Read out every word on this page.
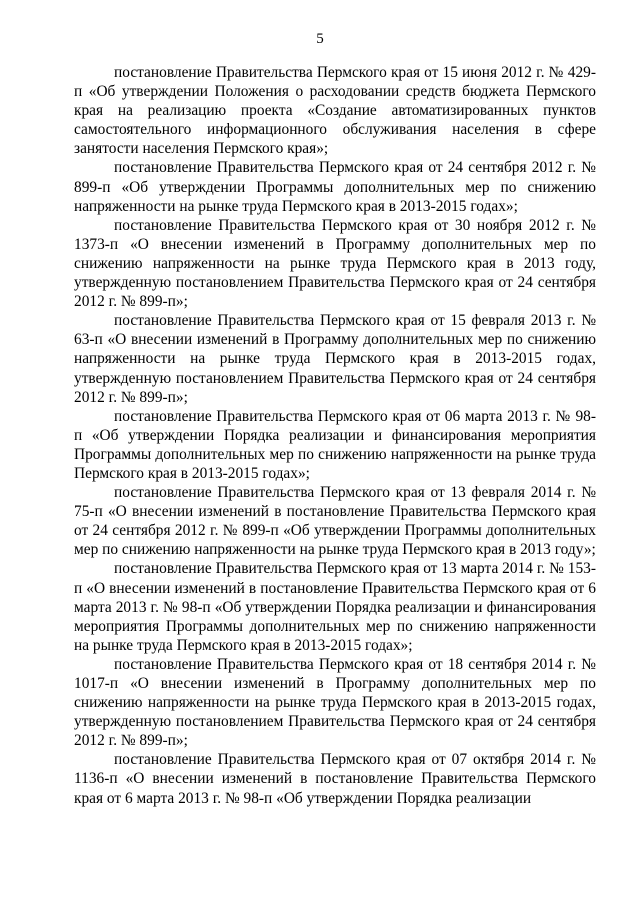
5

постановление Правительства Пермского края от 15 июня 2012 г. № 429-п «Об утверждении Положения о расходовании средств бюджета Пермского края на реализацию проекта «Создание автоматизированных пунктов самостоятельного информационного обслуживания населения в сфере занятости населения Пермского края»;

постановление Правительства Пермского края от 24 сентября 2012 г. № 899-п «Об утверждении Программы дополнительных мер по снижению напряженности на рынке труда Пермского края в 2013-2015 годах»;

постановление Правительства Пермского края от 30 ноября 2012 г. № 1373-п «О внесении изменений в Программу дополнительных мер по снижению напряженности на рынке труда Пермского края в 2013 году, утвержденную постановлением Правительства Пермского края от 24 сентября 2012 г. № 899-п»;

постановление Правительства Пермского края от 15 февраля 2013 г. № 63-п «О внесении изменений в Программу дополнительных мер по снижению напряженности на рынке труда Пермского края в 2013-2015 годах, утвержденную постановлением Правительства Пермского края от 24 сентября 2012 г. № 899-п»;

постановление Правительства Пермского края от 06 марта 2013 г. № 98-п «Об утверждении Порядка реализации и финансирования мероприятия Программы дополнительных мер по снижению напряженности на рынке труда Пермского края в 2013-2015 годах»;

постановление Правительства Пермского края от 13 февраля 2014 г. № 75-п «О внесении изменений в постановление Правительства Пермского края от 24 сентября 2012 г. № 899-п «Об утверждении Программы дополнительных мер по снижению напряженности на рынке труда Пермского края в 2013 году»;

постановление Правительства Пермского края от 13 марта 2014 г. № 153-п «О внесении изменений в постановление Правительства Пермского края от 6 марта 2013 г. № 98-п «Об утверждении Порядка реализации и финансирования мероприятия Программы дополнительных мер по снижению напряженности на рынке труда Пермского края в 2013-2015 годах»;

постановление Правительства Пермского края от 18 сентября 2014 г. № 1017-п «О внесении изменений в Программу дополнительных мер по снижению напряженности на рынке труда Пермского края в 2013-2015 годах, утвержденную постановлением Правительства Пермского края от 24 сентября 2012 г. № 899-п»;

постановление Правительства Пермского края от 07 октября 2014 г. № 1136-п «О внесении изменений в постановление Правительства Пермского края от 6 марта 2013 г. № 98-п «Об утверждении Порядка реализации
